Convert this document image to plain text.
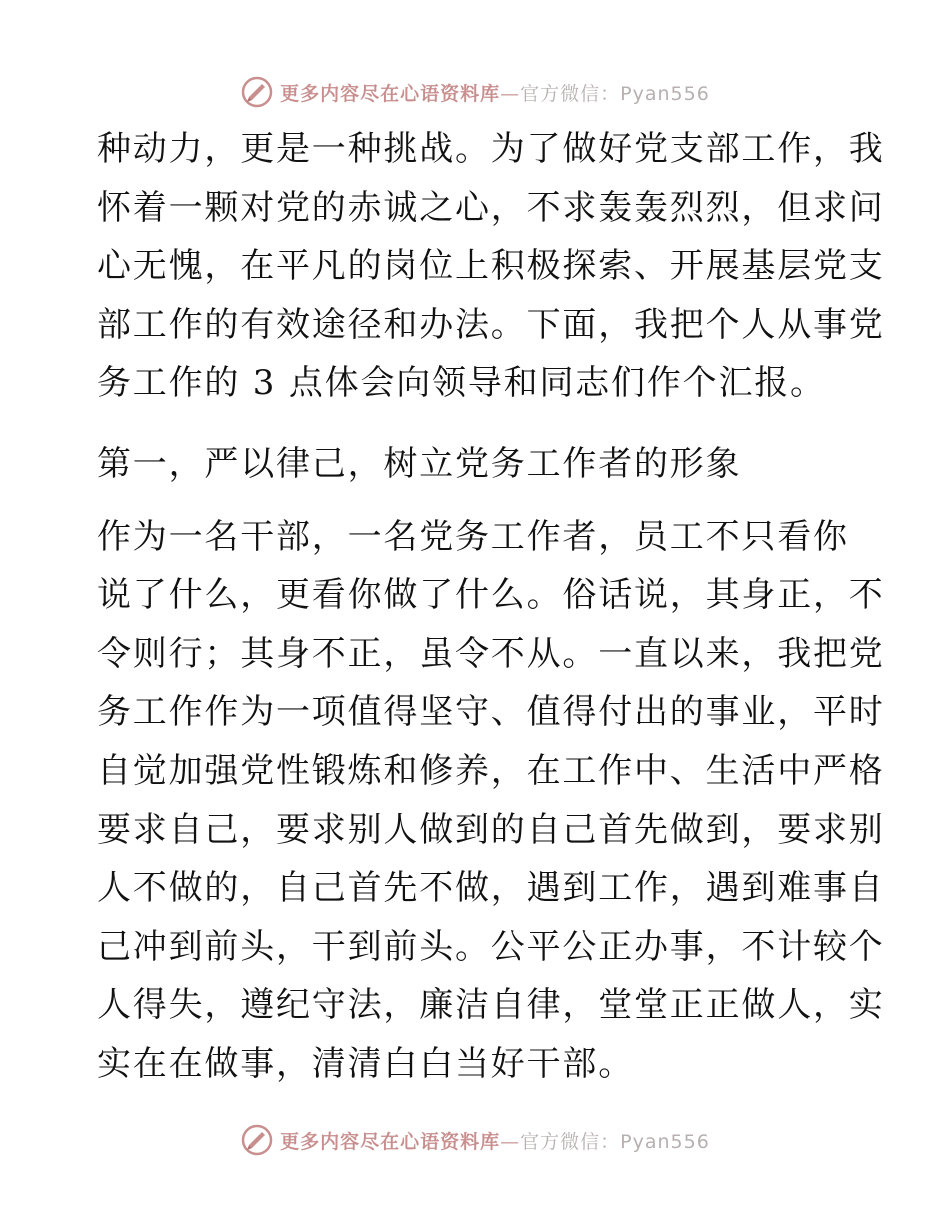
更多内容尽在心语资料库—官方微信：Pyan556

种动力，更是一种挑战。为了做好党支部工作，我
怀着一颗对党的赤诚之心，不求轰轰烈烈，但求问
心无愧，在平凡的岗位上积极探索、开展基层党支
部工作的有效途径和办法。下面，我把个人从事党
务工作的 3 点体会向领导和同志们作个汇报。

第一，严以律己，树立党务工作者的形象

作为一名干部，一名党务工作者，员工不只看你
说了什么，更看你做了什么。俗话说，其身正，不
令则行；其身不正，虽令不从。一直以来，我把党
务工作作为一项值得坚守、值得付出的事业，平时
自觉加强党性锻炼和修养，在工作中、生活中严格
要求自己，要求别人做到的自己首先做到，要求别
人不做的，自己首先不做，遇到工作，遇到难事自
己冲到前头，干到前头。公平公正办事，不计较个
人得失，遵纪守法，廉洁自律，堂堂正正做人，实
实在在做事，清清白白当好干部。

更多内容尽在心语资料库—官方微信：Pyan556
